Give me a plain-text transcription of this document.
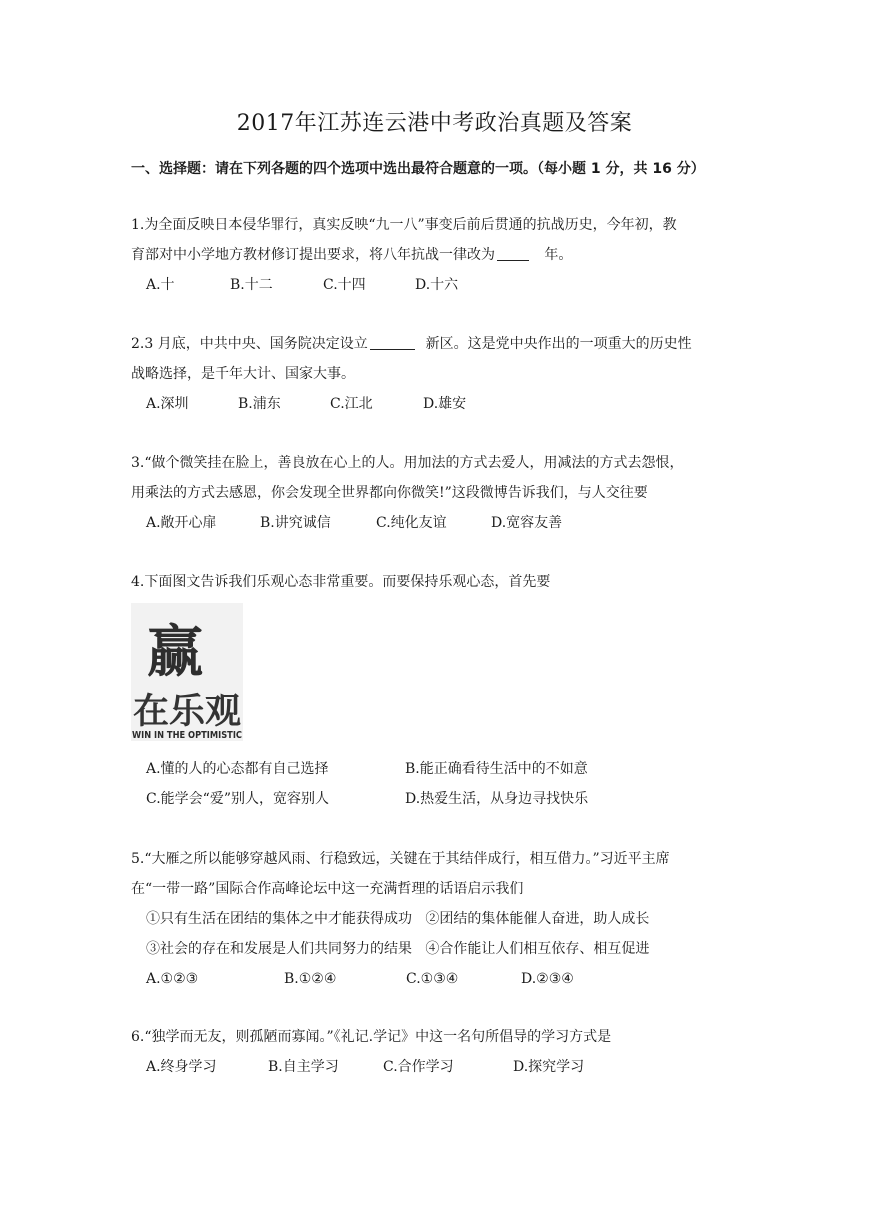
2017年江苏连云港中考政治真题及答案
一、选择题：请在下列各题的四个选项中选出最符合题意的一项。（每小题 1 分，共 16 分）
1.为全面反映日本侵华罪行，真实反映“九一八”事变后前后贯通的抗战历史，今年初，教
育部对中小学地方教材修订提出要求，将八年抗战一律改为	年。
A.十	B.十二	C.十四	D.十六
2.3 月底，中共中央、国务院决定设立	新区。这是党中央作出的一项重大的历史性
战略选择，是千年大计、国家大事。
A.深圳	B.浦东	C.江北	D.雄安
3.“做个微笑挂在脸上，善良放在心上的人。用加法的方式去爱人，用减法的方式去怨恨，
用乘法的方式去感恩，你会发现全世界都向你微笑!”这段微博告诉我们，与人交往要
A.敞开心扉	B.讲究诚信	C.纯化友谊	D.宽容友善
4.下面图文告诉我们乐观心态非常重要。而要保持乐观心态，首先要
赢
在乐观
WIN IN THE OPTIMISTIC
A.懂的人的心态都有自己选择	B.能正确看待生活中的不如意
C.能学会“爱”别人，宽容别人	D.热爱生活，从身边寻找快乐
5.“大雁之所以能够穿越风雨、行稳致远，关键在于其结伴成行，相互借力。”习近平主席
在“一带一路”国际合作高峰论坛中这一充满哲理的话语启示我们
①只有生活在团结的集体之中才能获得成功 ②团结的集体能催人奋进，助人成长
③社会的存在和发展是人们共同努力的结果 ④合作能让人们相互依存、相互促进
A.①②③	B.①②④	C.①③④	D.②③④
6.“独学而无友，则孤陋而寡闻。”《礼记.学记》中这一名句所倡导的学习方式是
A.终身学习	B.自主学习	C.合作学习	D.探究学习
